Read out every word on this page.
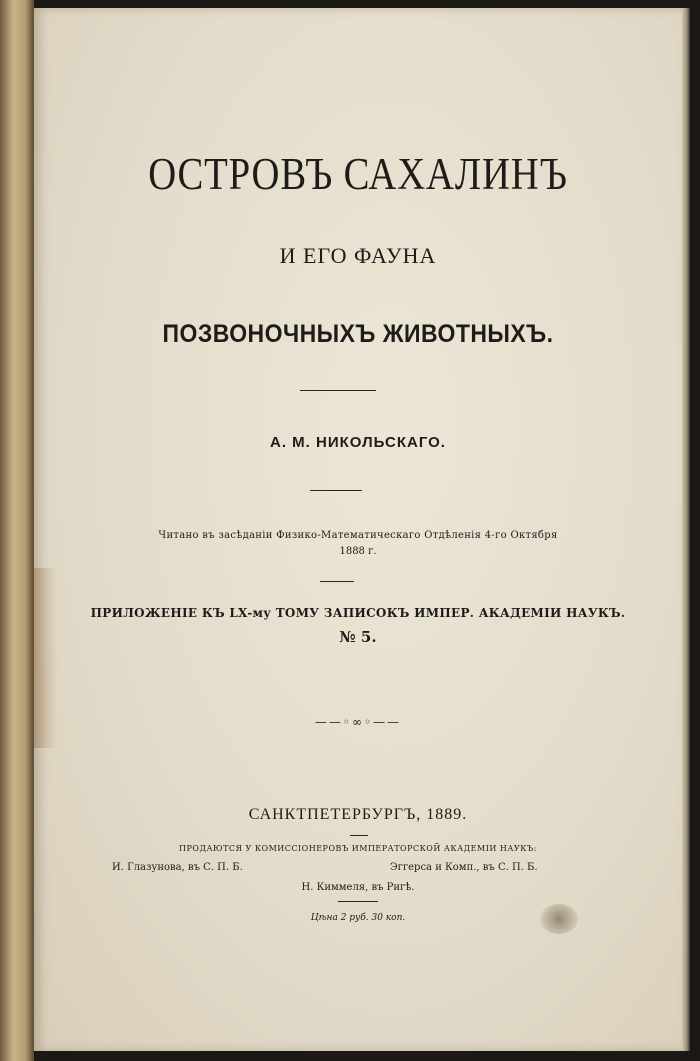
ОСТРОВЪ САХАЛИНЪ
И ЕГО ФАУНА
ПОЗВОНОЧНЫХЪ ЖИВОТНЫХЪ.
А. М. НИКОЛЬСКАГО.
Читано въ засѣданіи Физико-Математическаго Отдѣленія 4-го Октября
1888 г.
ПРИЛОЖЕНІЕ КЪ LX-му ТОМУ ЗАПИСОКЪ ИМПЕР. АКАДЕМІИ НАУКЪ.
№ 5.
——◦∞◦——
САНКТПЕТЕРБУРГЪ, 1889.
ПРОДАЮТСЯ У КОМИССІОНЕРОВЪ ИМПЕРАТОРСКОЙ АКАДЕМІИ НАУКЪ:
И. Глазунова, въ С. П. Б.	Эггерса и Комп., въ С. П. Б.
Н. Киммеля, въ Ригѣ.
Цѣна 2 руб. 30 коп.
